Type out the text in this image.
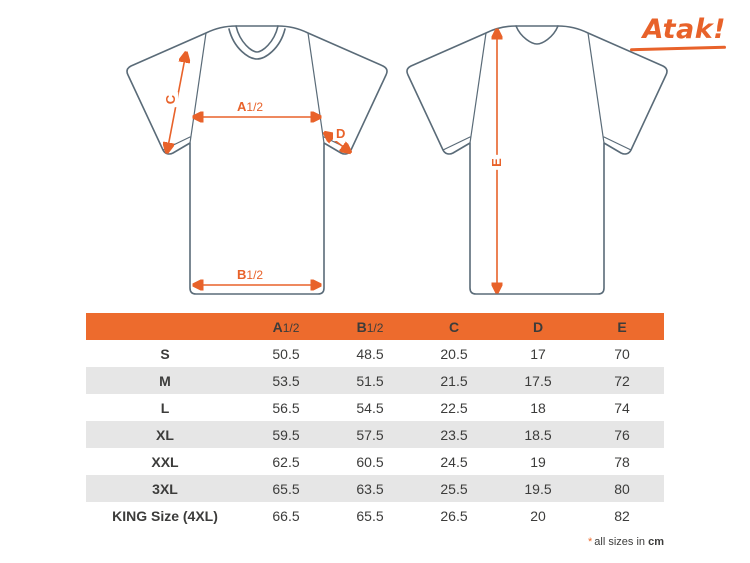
Atak!
C	A1/2
D
B1/2
E
	A1/2	B1/2	C	D	E
S	50.5	48.5	20.5	17	70
M	53.5	51.5	21.5	17.5	72
L	56.5	54.5	22.5	18	74
XL	59.5	57.5	23.5	18.5	76
XXL	62.5	60.5	24.5	19	78
3XL	65.5	63.5	25.5	19.5	80
KING Size (4XL)	66.5	65.5	26.5	20	82
* all sizes in cm
